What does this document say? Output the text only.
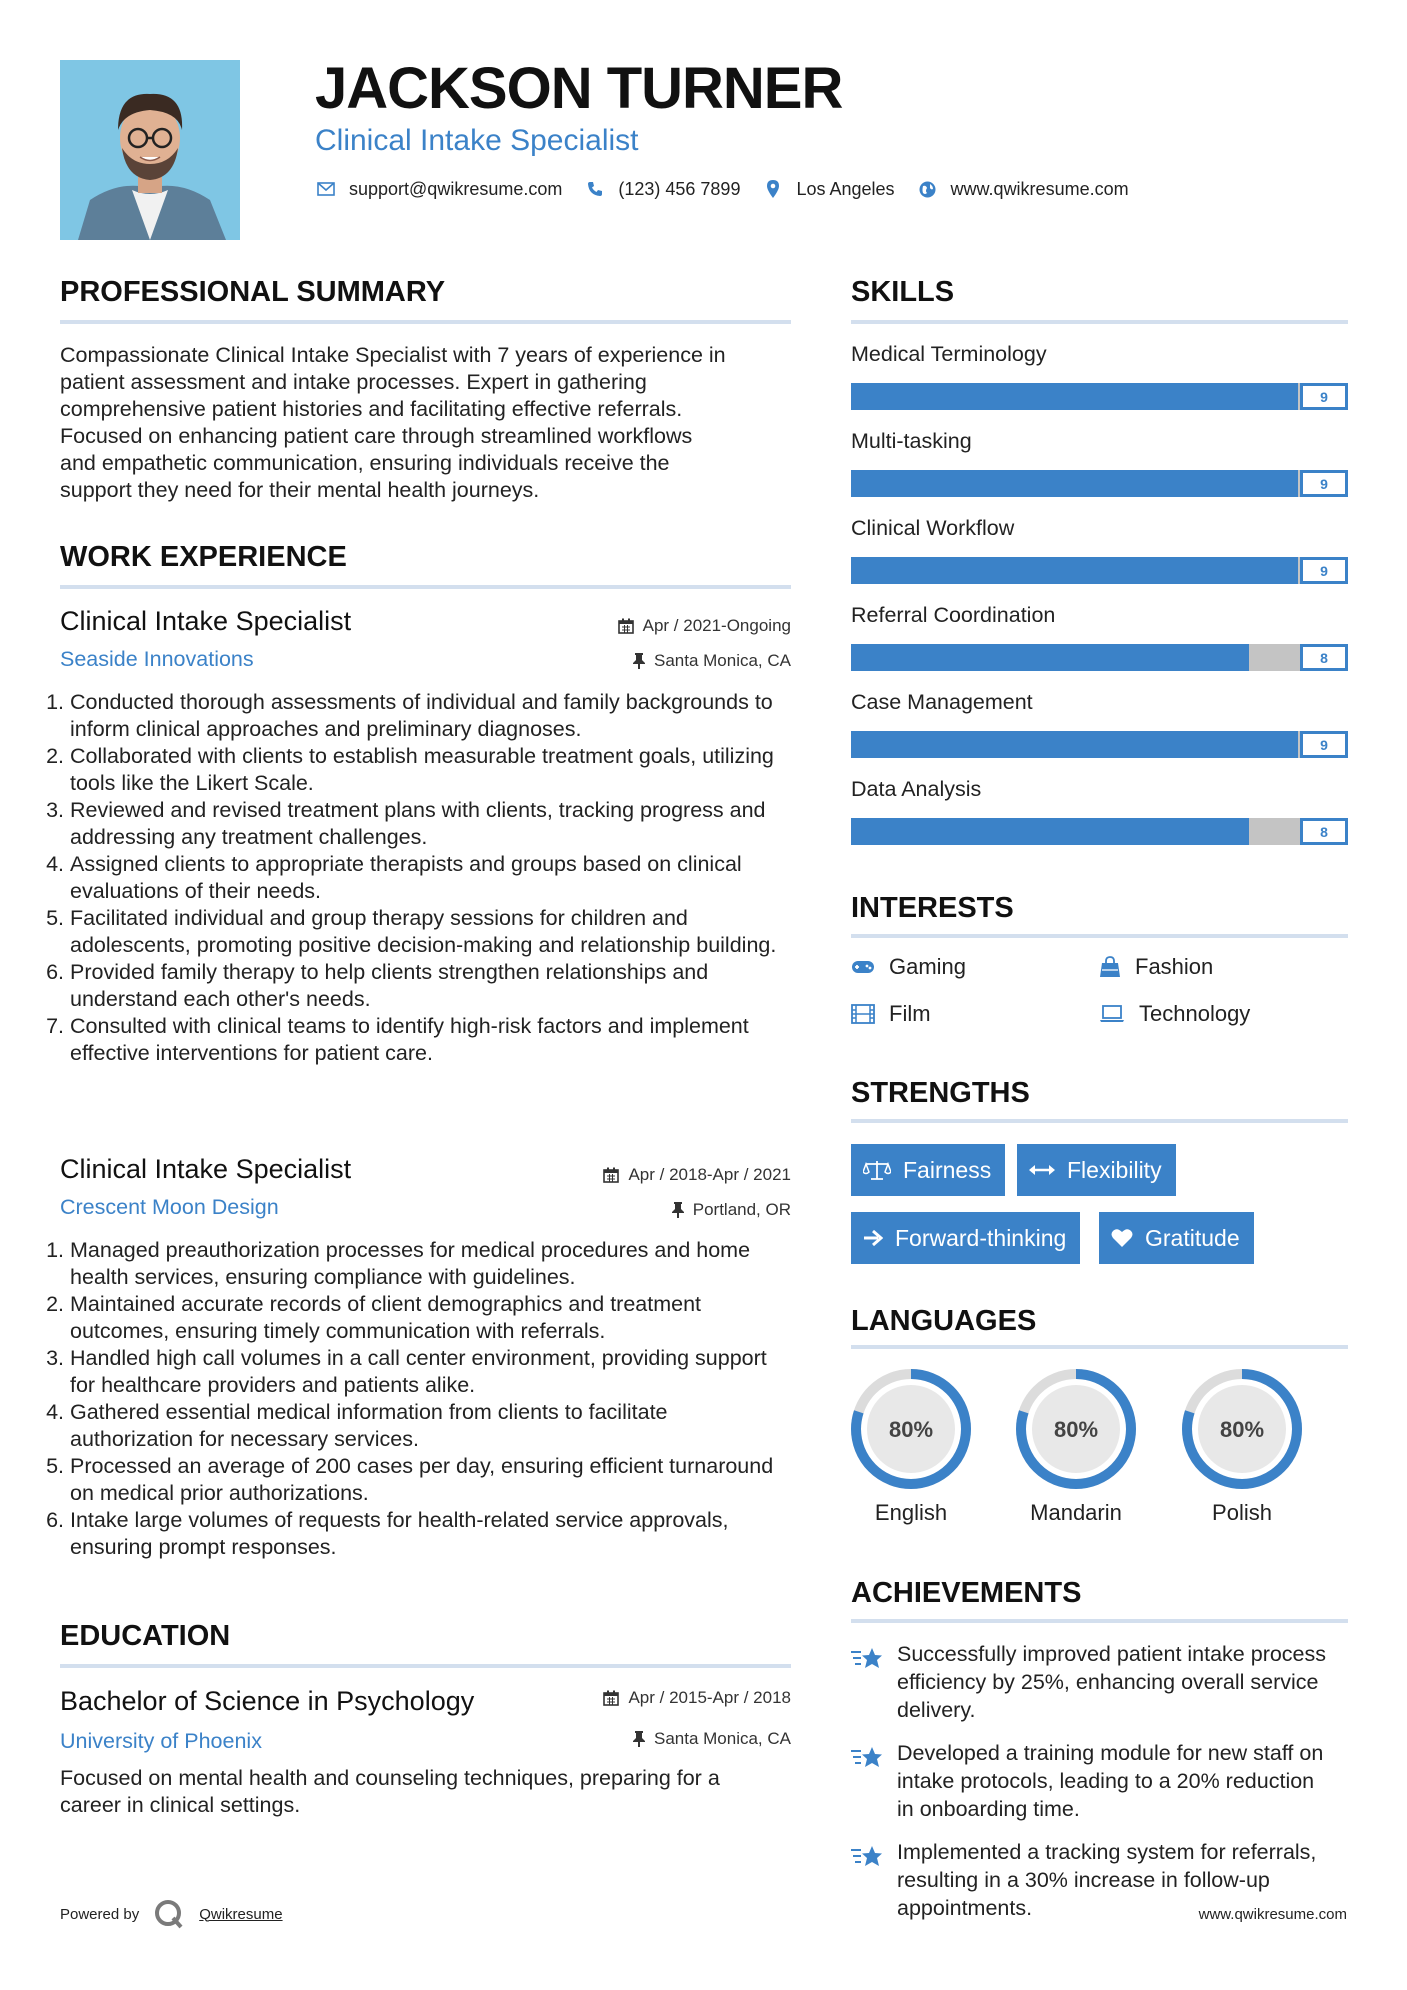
JACKSON TURNER
Clinical Intake Specialist
support@qwikresume.com	(123) 456 7899	Los Angeles	www.qwikresume.com
PROFESSIONAL SUMMARY
Compassionate Clinical Intake Specialist with 7 years of experience in
patient assessment and intake processes. Expert in gathering
comprehensive patient histories and facilitating effective referrals.
Focused on enhancing patient care through streamlined workflows
and empathetic communication, ensuring individuals receive the
support they need for their mental health journeys.
WORK EXPERIENCE
Clinical Intake Specialist	Apr / 2021-Ongoing
Seaside Innovations	Santa Monica, CA
1. Conducted thorough assessments of individual and family backgrounds to inform clinical approaches and preliminary diagnoses.
2. Collaborated with clients to establish measurable treatment goals, utilizing tools like the Likert Scale.
3. Reviewed and revised treatment plans with clients, tracking progress and addressing any treatment challenges.
4. Assigned clients to appropriate therapists and groups based on clinical evaluations of their needs.
5. Facilitated individual and group therapy sessions for children and adolescents, promoting positive decision-making and relationship building.
6. Provided family therapy to help clients strengthen relationships and understand each other's needs.
7. Consulted with clinical teams to identify high-risk factors and implement effective interventions for patient care.
Clinical Intake Specialist	Apr / 2018-Apr / 2021
Crescent Moon Design	Portland, OR
1. Managed preauthorization processes for medical procedures and home health services, ensuring compliance with guidelines.
2. Maintained accurate records of client demographics and treatment outcomes, ensuring timely communication with referrals.
3. Handled high call volumes in a call center environment, providing support for healthcare providers and patients alike.
4. Gathered essential medical information from clients to facilitate authorization for necessary services.
5. Processed an average of 200 cases per day, ensuring efficient turnaround on medical prior authorizations.
6. Intake large volumes of requests for health-related service approvals, ensuring prompt responses.
EDUCATION
Bachelor of Science in Psychology	Apr / 2015-Apr / 2018
University of Phoenix	Santa Monica, CA
Focused on mental health and counseling techniques, preparing for a
career in clinical settings.
Powered by	Qwikresume
SKILLS
Medical Terminology
9
Multi-tasking
9
Clinical Workflow
9
Referral Coordination
8
Case Management
9
Data Analysis
8
INTERESTS
Gaming	Fashion
Film	Technology
STRENGTHS
Fairness	Flexibility
Forward-thinking	Gratitude
LANGUAGES
80%
English
80%
Mandarin
80%
Polish
ACHIEVEMENTS
Successfully improved patient intake process efficiency by 25%, enhancing overall service delivery.
Developed a training module for new staff on intake protocols, leading to a 20% reduction in onboarding time.
Implemented a tracking system for referrals, resulting in a 30% increase in follow-up appointments.	www.qwikresume.com
